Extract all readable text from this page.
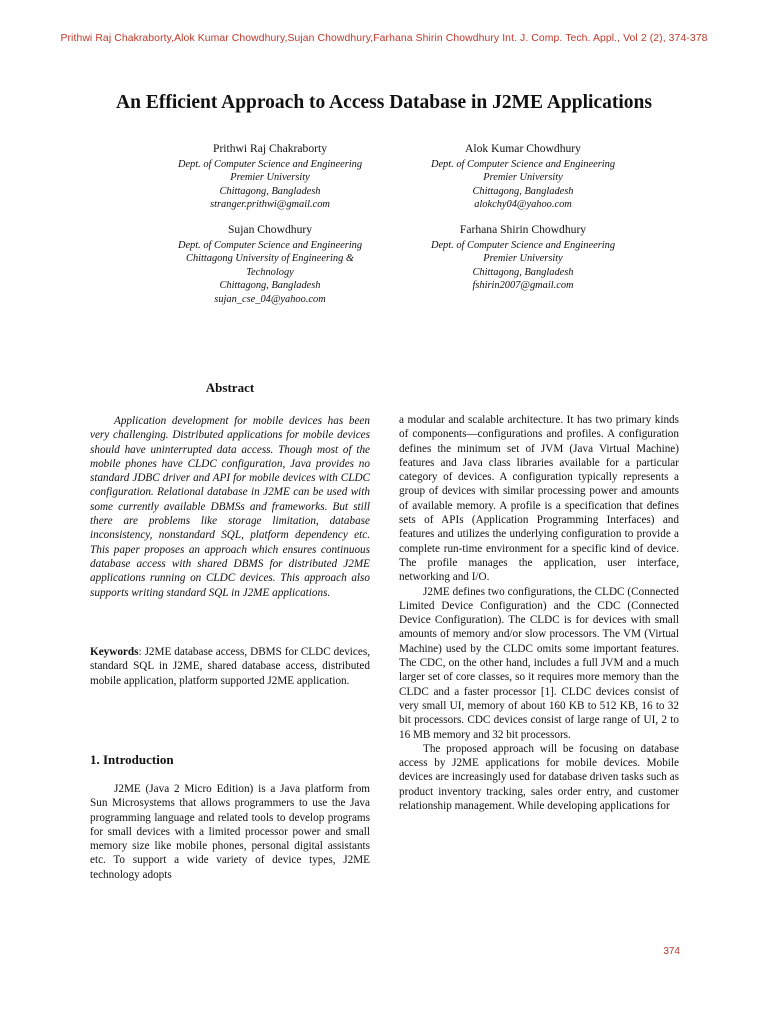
Prithwi Raj Chakraborty,Alok Kumar Chowdhury,Sujan Chowdhury,Farhana Shirin Chowdhury Int. J. Comp. Tech. Appl., Vol 2 (2), 374-378
An Efficient Approach to Access Database in J2ME Applications
Prithwi Raj Chakraborty
Dept. of Computer Science and Engineering
Premier University
Chittagong, Bangladesh
stranger.prithwi@gmail.com
Alok Kumar Chowdhury
Dept. of Computer Science and Engineering
Premier University
Chittagong, Bangladesh
alokchy04@yahoo.com
Sujan Chowdhury
Dept. of Computer Science and Engineering
Chittagong University of Engineering &
Technology
Chittagong, Bangladesh
sujan_cse_04@yahoo.com
Farhana Shirin Chowdhury
Dept. of Computer Science and Engineering
Premier University
Chittagong, Bangladesh
fshirin2007@gmail.com
Abstract

Application development for mobile devices has been very challenging. Distributed applications for mobile devices should have uninterrupted data access. Though most of the mobile phones have CLDC configuration, Java provides no standard JDBC driver and API for mobile devices with CLDC configuration. Relational database in J2ME can be used with some currently available DBMSs and frameworks. But still there are problems like storage limitation, database inconsistency, nonstandard SQL, platform dependency etc. This paper proposes an approach which ensures continuous database access with shared DBMS for distributed J2ME applications running on CLDC devices. This approach also supports writing standard SQL in J2ME applications.

Keywords: J2ME database access, DBMS for CLDC devices, standard SQL in J2ME, shared database access, distributed mobile application, platform supported J2ME application.

1. Introduction

J2ME (Java 2 Micro Edition) is a Java platform from Sun Microsystems that allows programmers to use the Java programming language and related tools to develop programs for small devices with a limited processor power and small memory size like mobile phones, personal digital assistants etc. To support a wide variety of device types, J2ME technology adopts

a modular and scalable architecture. It has two primary kinds of components—configurations and profiles. A configuration defines the minimum set of JVM (Java Virtual Machine) features and Java class libraries available for a particular category of devices. A configuration typically represents a group of devices with similar processing power and amounts of available memory. A profile is a specification that defines sets of APIs (Application Programming Interfaces) and features and utilizes the underlying configuration to provide a complete run-time environment for a specific kind of device. The profile manages the application, user interface, networking and I/O.

J2ME defines two configurations, the CLDC (Connected Limited Device Configuration) and the CDC (Connected Device Configuration). The CLDC is for devices with small amounts of memory and/or slow processors. The VM (Virtual Machine) used by the CLDC omits some important features. The CDC, on the other hand, includes a full JVM and a much larger set of core classes, so it requires more memory than the CLDC and a faster processor [1]. CLDC devices consist of very small UI, memory of about 160 KB to 512 KB, 16 to 32 bit processors. CDC devices consist of large range of UI, 2 to 16 MB memory and 32 bit processors.

The proposed approach will be focusing on database access by J2ME applications for mobile devices. Mobile devices are increasingly used for database driven tasks such as product inventory tracking, sales order entry, and customer relationship management. While developing applications for

374
